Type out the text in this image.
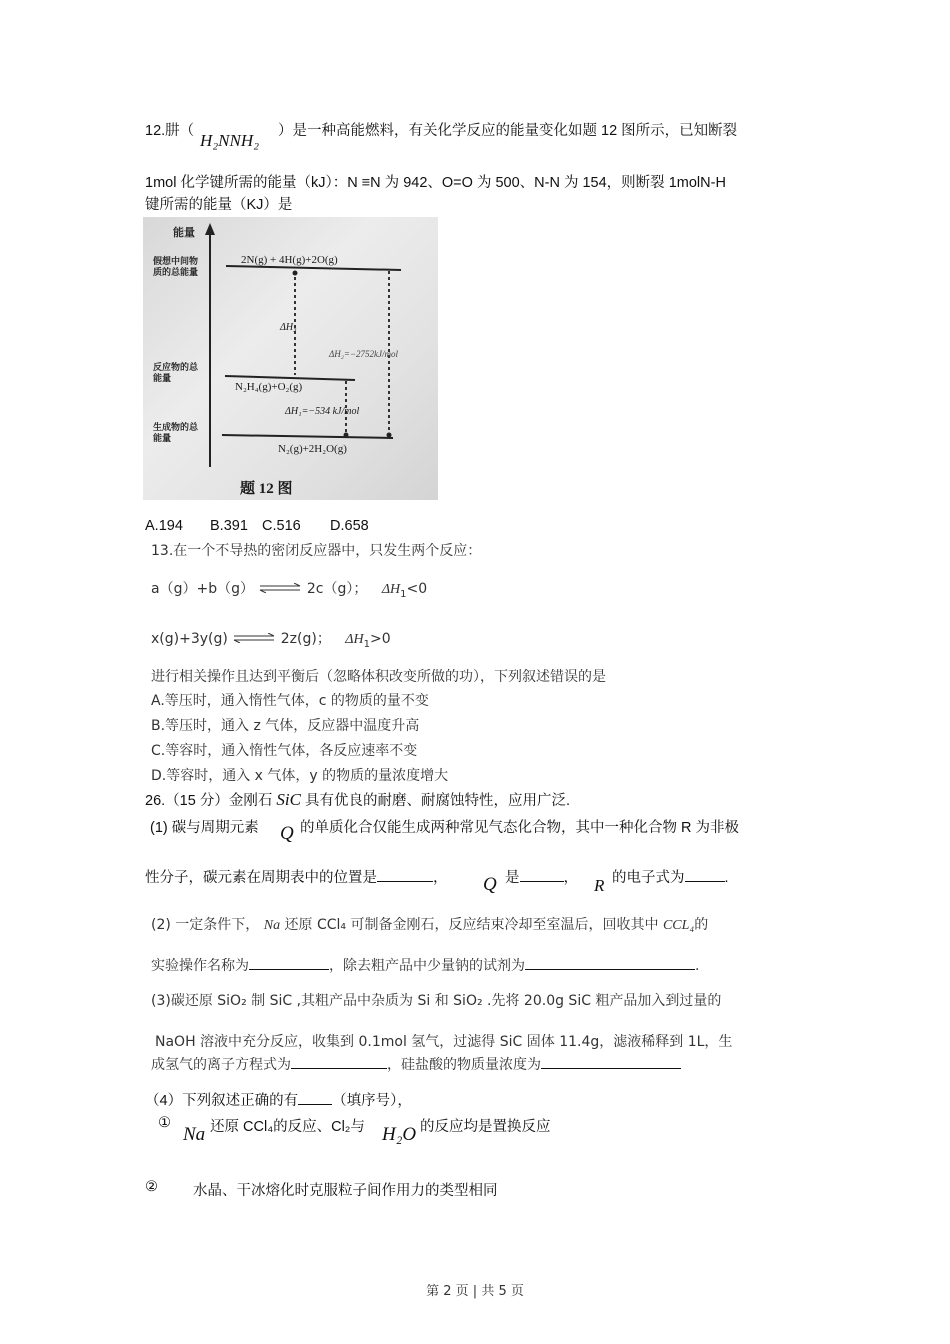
12.肼（ H₂NNH₂ ）是一种高能燃料，有关化学反应的能量变化如题 12 图所示，已知断裂
1mol 化学键所需的能量（kJ）：N ≡N 为 942、O=O 为 500、N-N 为 154，则断裂 1molN-H
键所需的能量（KJ）是
能量
假想中间物质的总能量
2N(g) + 4H(g)+2O(g)
ΔH₃
ΔH₂=−2752kJ/mol
反应物的总能量
N₂H₄(g)+O₂(g)
ΔH₁=−534 kJ/mol
生成物的总能量
N₂(g)+2H₂O(g)
题 12 图
A.194 B.391 C.516 D.658
13.在一个不导热的密闭反应器中，只发生两个反应：
a（g）+b（g） ⇌ 2c（g）； $\Delta H_1<0$
x(g)+3y(g) ⇌ 2z(g)； $\Delta H_1>0$
进行相关操作且达到平衡后（忽略体积改变所做的功），下列叙述错误的是
A.等压时，通入惰性气体，c 的物质的量不变
B.等压时，通入 z 气体，反应器中温度升高
C.等容时，通入惰性气体，各反应速率不变
D.等容时，通入 x 气体，y 的物质的量浓度增大
26.（15 分）金刚石 SiC 具有优良的耐磨、耐腐蚀特性，应用广泛.
(1) 碳与周期元素 Q 的单质化合仅能生成两种常见气态化合物，其中一种化合物 R 为非极
性分子，碳元素在周期表中的位置是	， Q 是	， R 的电子式为	.
(2) 一定条件下， Na 还原 CCl₄ 可制备金刚石，反应结束冷却至室温后，回收其中 CCL₄的
实验操作名称为	，除去粗产品中少量钠的试剂为	.
(3)碳还原 SiO₂ 制 SiC ,其粗产品中杂质为 Si 和 SiO₂ .先将 20.0g SiC 粗产品加入到过量的
NaOH 溶液中充分反应，收集到 0.1mol 氢气，过滤得 SiC 固体 11.4g，滤液稀释到 1L，生
成氢气的离子方程式为	，硅盐酸的物质量浓度为
（4）下列叙述正确的有 （填序号），
①
Na 还原 CCl₄的反应、Cl₂与 H₂O 的反应均是置换反应
② 水晶、干冰熔化时克服粒子间作用力的类型相同
第 2 页 | 共 5 页
